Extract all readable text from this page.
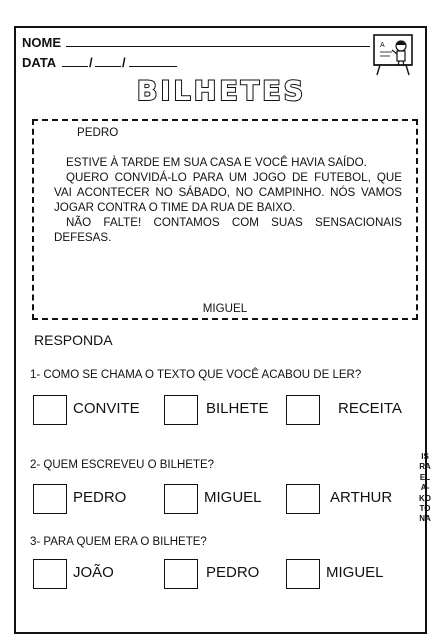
NOME
DATA	/ /
A
BILHETES
PEDRO

ESTIVE À TARDE EM SUA CASA E VOCÊ HAVIA SAÍDO.

QUERO CONVIDÁ-LO PARA UM JOGO DE FUTEBOL, QUE VAI ACONTECER NO SÁBADO, NO CAMPINHO. NÓS VAMOS JOGAR CONTRA O TIME DA RUA DE BAIXO.

NÃO FALTE! CONTAMOS COM SUAS SENSACIONAIS DEFESAS.

MIGUEL
RESPONDA
1- COMO SE CHAMA O TEXTO QUE VOCÊ ACABOU DE LER?
CONVITE	BILHETE	RECEITA
2- QUEM ESCREVEU O BILHETE?
PEDRO	MIGUEL	ARTHUR
3- PARA QUEM ERA O BILHETE?
JOÃO	PEDRO	MIGUEL
ISRAELA-KOTONA
